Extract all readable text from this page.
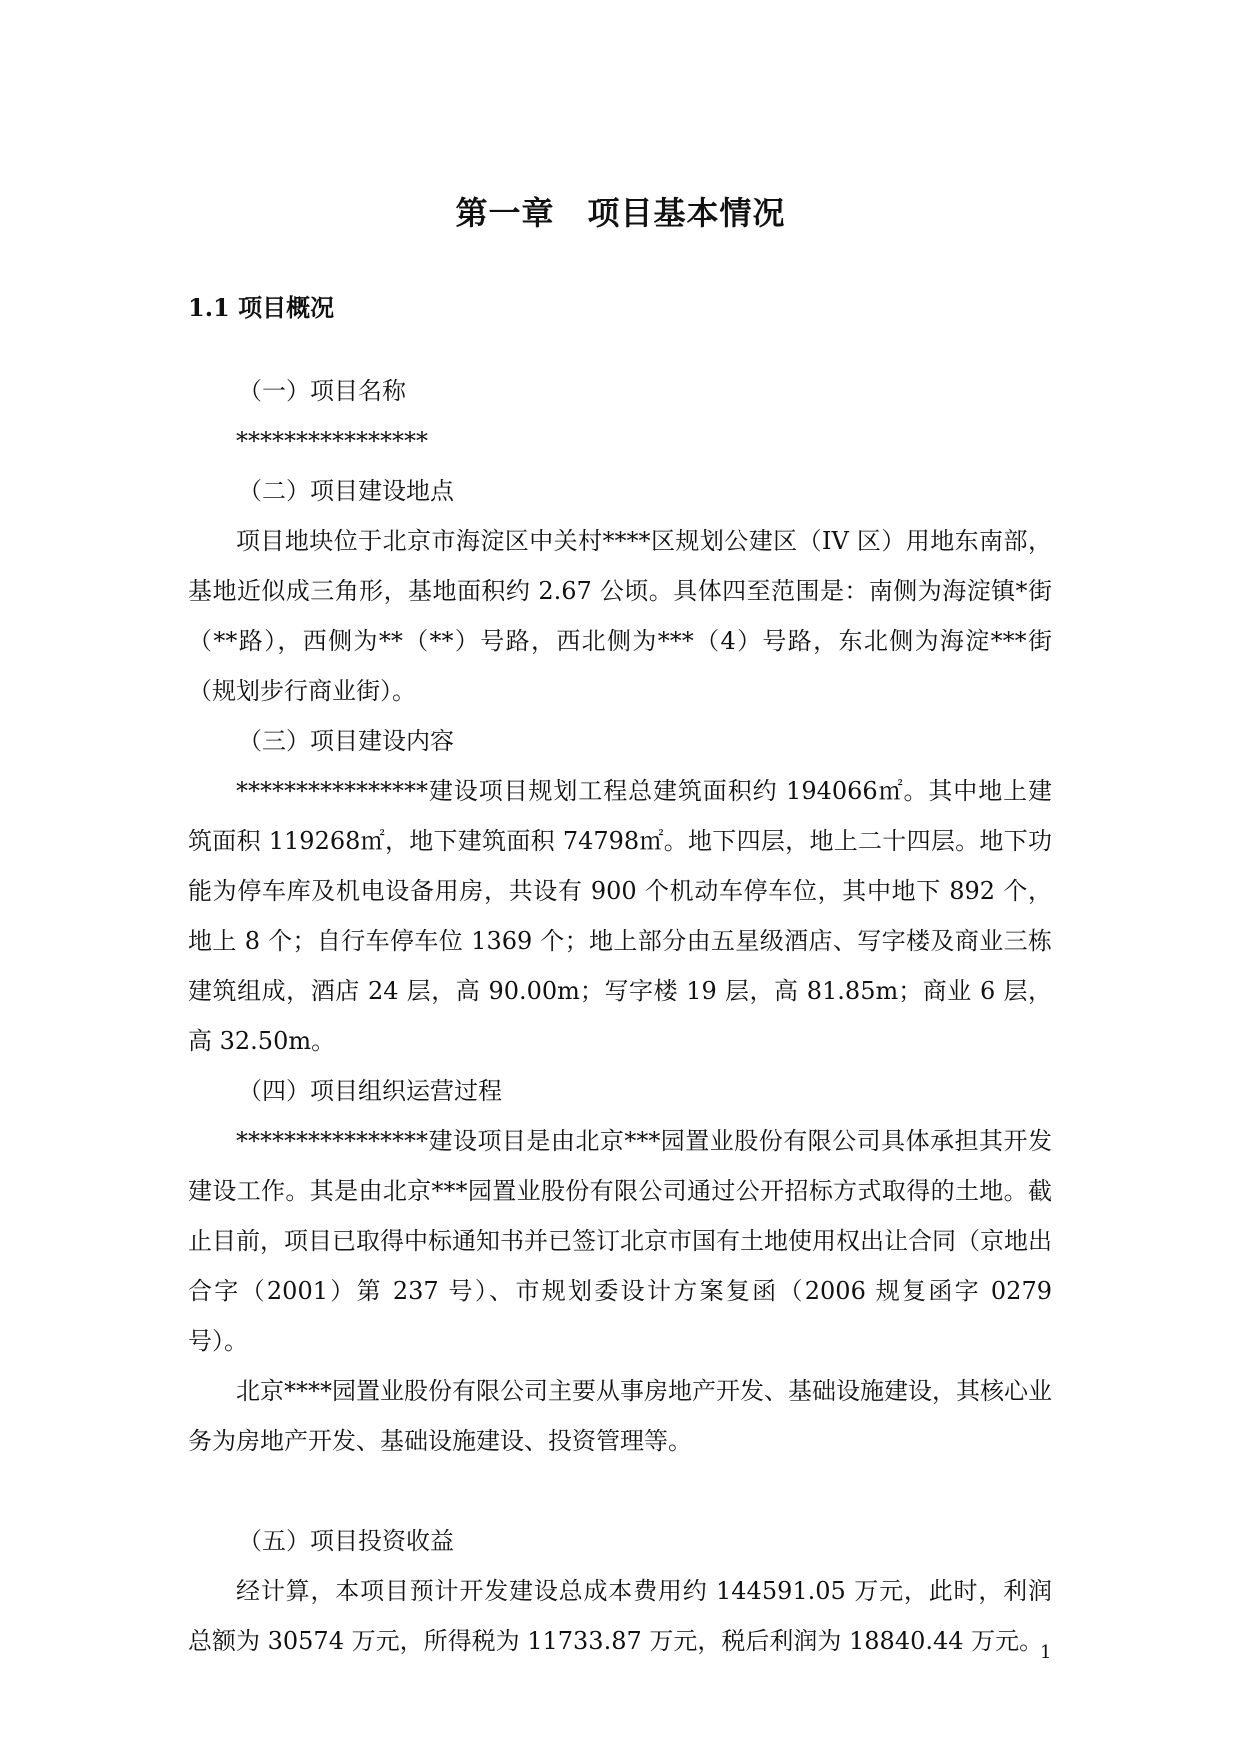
第一章　项目基本情况
1.1 项目概况

（一）项目名称

****************

（二）项目建设地点

项目地块位于北京市海淀区中关村****区规划公建区（IV 区）用地东南部，基地近似成三角形，基地面积约 2.67 公顷。具体四至范围是：南侧为海淀镇*街（**路），西侧为**（**）号路，西北侧为***（4）号路，东北侧为海淀***街（规划步行商业街）。

（三）项目建设内容

****************建设项目规划工程总建筑面积约 194066㎡。其中地上建筑面积 119268㎡，地下建筑面积 74798㎡。地下四层，地上二十四层。地下功能为停车库及机电设备用房，共设有 900 个机动车停车位，其中地下 892 个，地上 8 个；自行车停车位 1369 个；地上部分由五星级酒店、写字楼及商业三栋建筑组成，酒店 24 层，高 90.00m；写字楼 19 层，高 81.85m；商业 6 层，高 32.50m。

（四）项目组织运营过程

****************建设项目是由北京***园置业股份有限公司具体承担其开发建设工作。其是由北京***园置业股份有限公司通过公开招标方式取得的土地。截止目前，项目已取得中标通知书并已签订北京市国有土地使用权出让合同（京地出合字（2001）第 237 号）、市规划委设计方案复函（2006 规复函字 0279 号）。

北京****园置业股份有限公司主要从事房地产开发、基础设施建设，其核心业务为房地产开发、基础设施建设、投资管理等。

（五）项目投资收益

经计算，本项目预计开发建设总成本费用约 144591.05 万元，此时，利润总额为 30574 万元，所得税为 11733.87 万元，税后利润为 18840.44 万元。

1
